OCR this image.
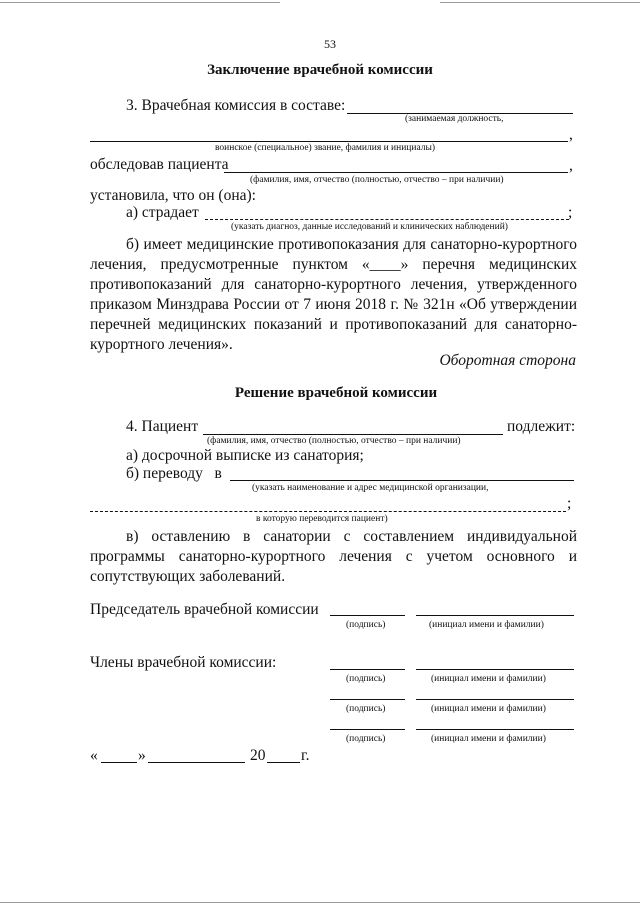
53
Заключение врачебной комиссии
3. Врачебная комиссия в составе:
(занимаемая должность,
,
воинское (специальное) звание, фамилия и инициалы)
обследовав пациента	,
(фамилия, имя, отчество (полностью, отчество – при наличии)
установила, что он (она):
а) страдает	;
(указать диагноз, данные исследований и клинических наблюдений)
б) имеет медицинские противопоказания для санаторно-курортного
лечения, предусмотренные пунктом «____» перечня медицинских
противопоказаний для санаторно-курортного лечения, утвержденного
приказом Минздрава России от 7 июня 2018 г. № 321н «Об утверждении
перечней медицинских показаний и противопоказаний для санаторно-
курортного лечения».
Оборотная сторона
Решение врачебной комиссии
4. Пациент	подлежит:
(фамилия, имя, отчество (полностью, отчество – при наличии)
а) досрочной выписке из санатория;
б) переводу   в
(указать наименование и адрес медицинской организации,
;
в которую переводится пациент)
в) оставлению в санатории с составлением индивидуальной
программы санаторно-курортного лечения с учетом основного и
сопутствующих заболеваний.
Председатель врачебной комиссии
(подпись)	(инициал имени и фамилии)
Члены врачебной комиссии:
(подпись)	(инициал имени и фамилии)
(подпись)	(инициал имени и фамилии)
(подпись)	(инициал имени и фамилии)
«	»	20 г.
